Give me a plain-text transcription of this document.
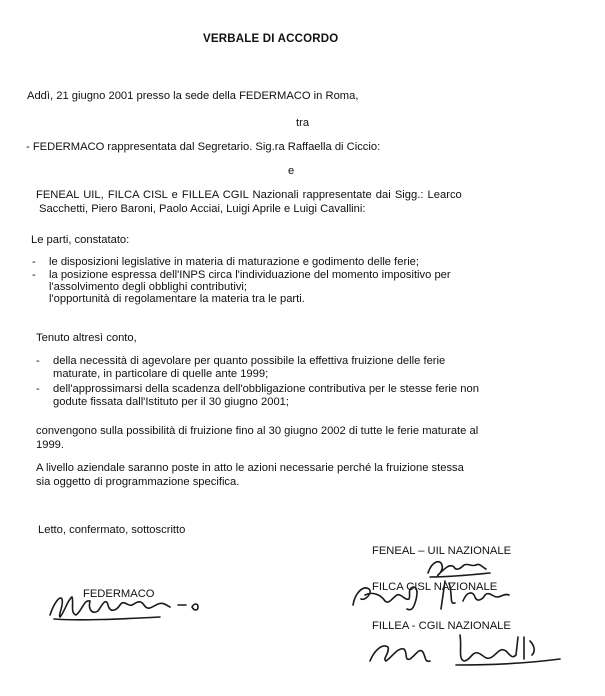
VERBALE DI ACCORDO
Addì, 21 giugno 2001 presso la sede della FEDERMACO in Roma,
tra
- FEDERMACO rappresentata dal Segretario. Sig.ra Raffaella di Ciccio:
e
FENEAL UIL, FILCA CISL e FILLEA CGIL Nazionali rappresentate dai Sigg.: Learco
Sacchetti, Piero Baroni, Paolo Acciai, Luigi Aprile e Luigi Cavallini:
Le parti, constatato:
- le disposizioni legislative in materia di maturazione e godimento delle ferie;
- la posizione espressa dell'INPS circa l'individuazione del momento impositivo per
l'assolvimento degli obblighi contributivi;
l'opportunità di regolamentare la materia tra le parti.
Tenuto altresì conto,
- della necessità di agevolare per quanto possibile la effettiva fruizione delle ferie
maturate, in particolare di quelle ante 1999;
- dell'approssimarsi della scadenza dell'obbligazione contributiva per le stesse ferie non
godute fissata dall'Istituto per il 30 giugno 2001;
convengono sulla possibilità di fruizione fino al 30 giugno 2002 di tutte le ferie maturate al
1999.
A livello aziendale saranno poste in atto le azioni necessarie perché la fruizione stessa
sia oggetto di programmazione specifica.
Letto, confermato, sottoscritto
FENEAL – UIL NAZIONALE
FILCA CISL NAZIONALE
FILLEA - CGIL NAZIONALE
FEDERMACO
